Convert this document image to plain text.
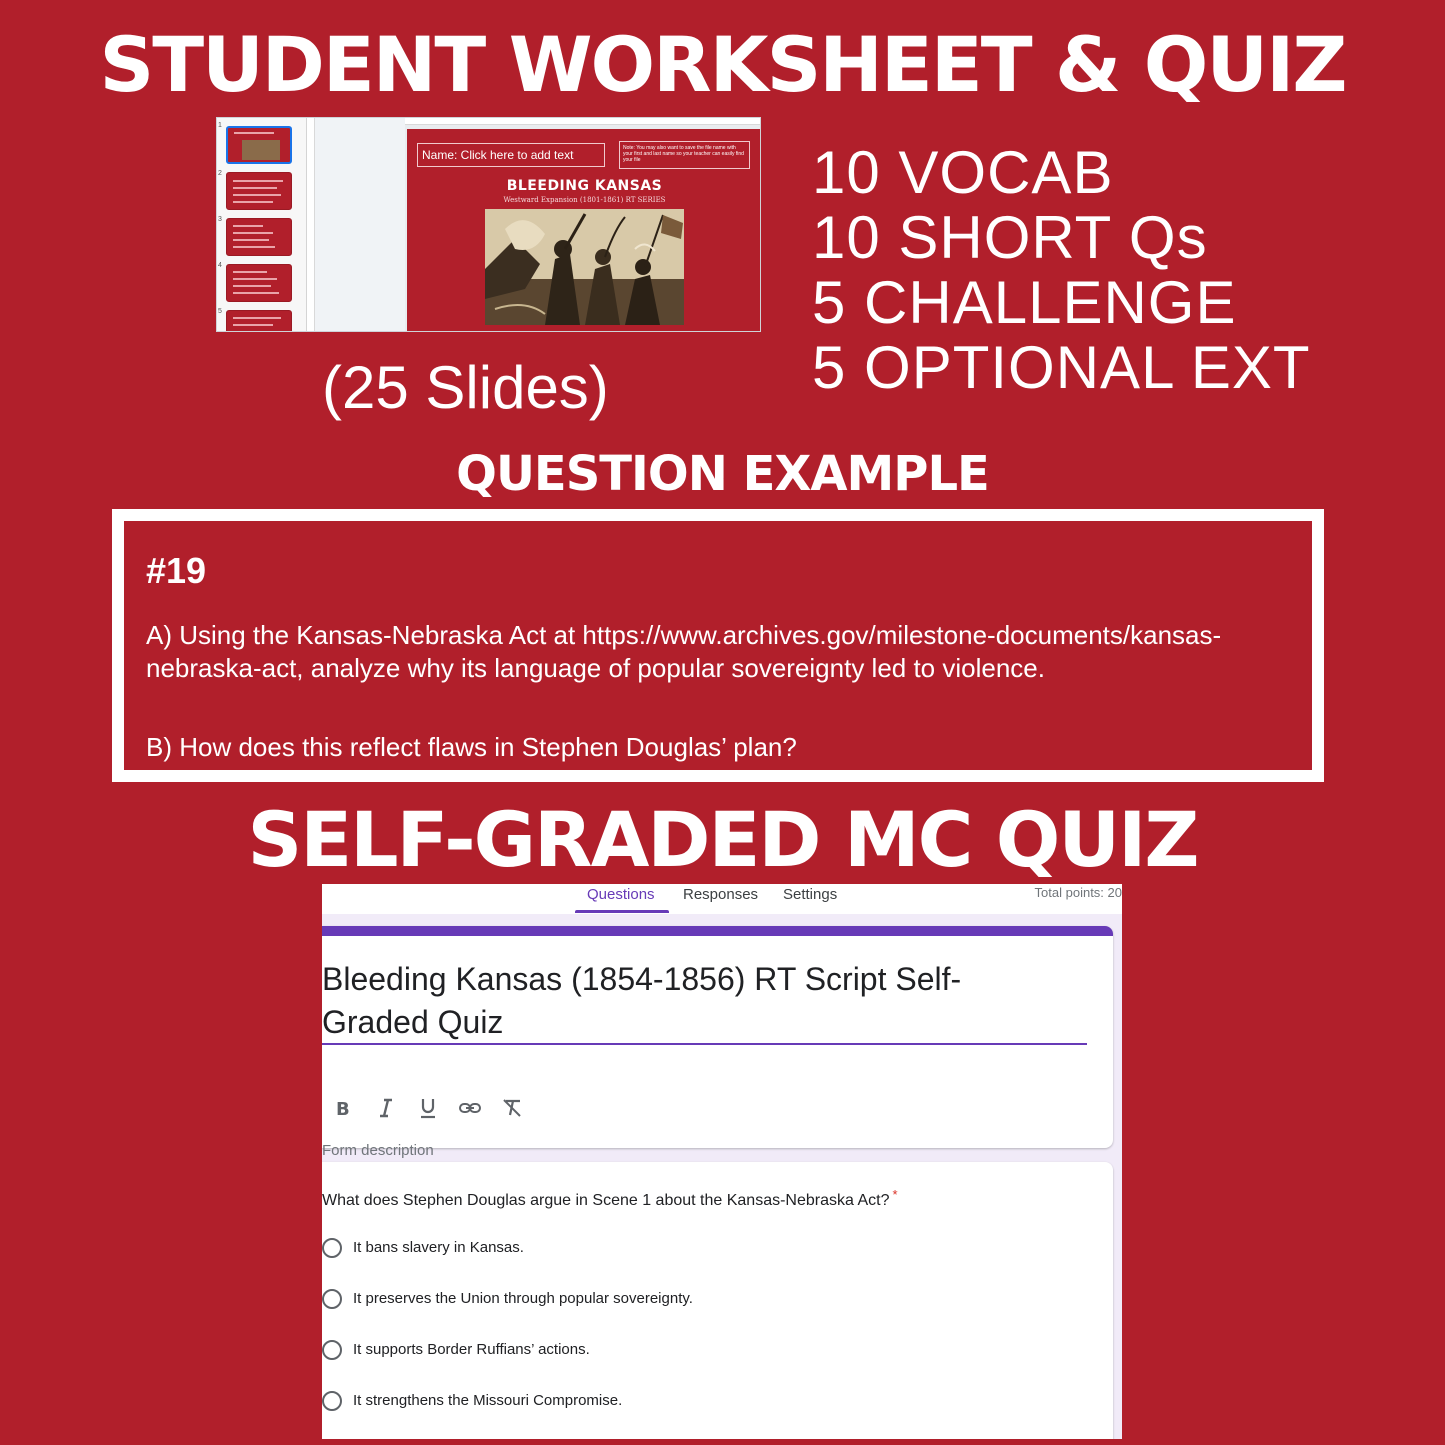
STUDENT WORKSHEET & QUIZ
1
2
3
4
5
Name: Click here to add text	Note: You may also want to save the file name with your first and last name so your teacher can easily find your file
BLEEDING KANSAS
Westward Expansion (1801-1861) RT SERIES
(25 Slides)
10 VOCAB
10 SHORT Qs
5 CHALLENGE
5 OPTIONAL EXT
QUESTION EXAMPLE
#19
A) Using the Kansas-Nebraska Act at https://www.archives.gov/milestone-documents/kansas-nebraska-act, analyze why its language of popular sovereignty led to violence.
B) How does this reflect flaws in Stephen Douglas’ plan?
SELF-GRADED MC QUIZ
Questions Responses Settings	Total points: 20
Bleeding Kansas (1854-1856) RT Script Self-Graded Quiz
B
Form description
What does Stephen Douglas argue in Scene 1 about the Kansas-Nebraska Act? *
It bans slavery in Kansas.
It preserves the Union through popular sovereignty.
It supports Border Ruffians’ actions.
It strengthens the Missouri Compromise.
